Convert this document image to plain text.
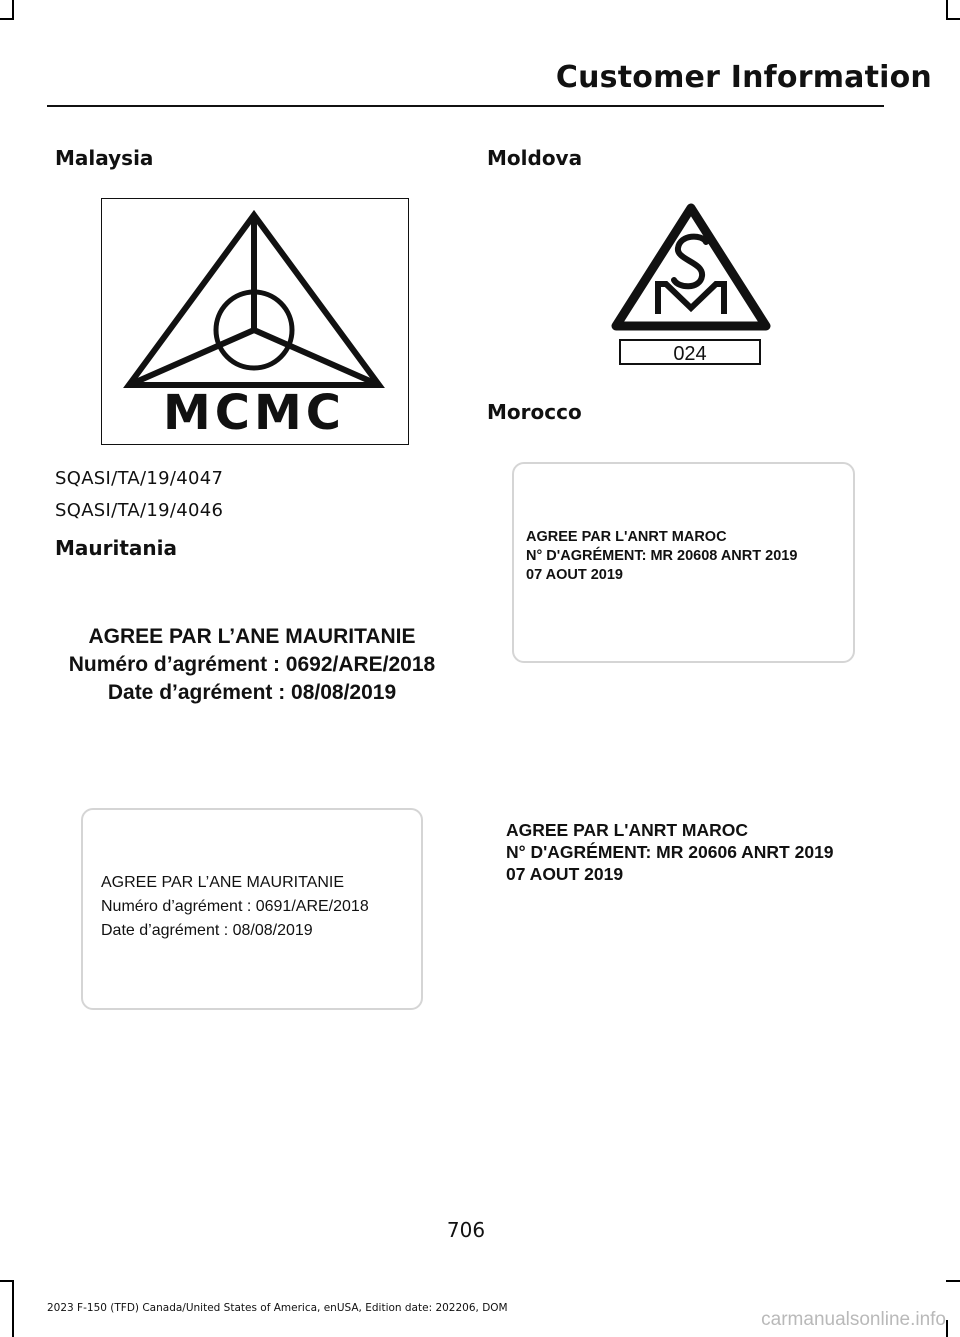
Customer Information
Malaysia
MCMC
SQASI/TA/19/4047
SQASI/TA/19/4046
Mauritania
AGREE PAR L’ANE MAURITANIE
Numéro d’agrément : 0692/ARE/2018
Date d’agrément : 08/08/2019
AGREE PAR L’ANE MAURITANIE
Numéro d’agrément : 0691/ARE/2018
Date d’agrément : 08/08/2019
Moldova
024
Morocco
AGREE PAR L'ANRT MAROC
N° D'AGRÉMENT: MR 20608 ANRT 2019
07 AOUT 2019
AGREE PAR L'ANRT MAROC
N° D'AGRÉMENT: MR 20606 ANRT 2019
07 AOUT 2019
706
2023 F-150 (TFD) Canada/United States of America, enUSA, Edition date: 202206, DOM
carmanualsonline.info
